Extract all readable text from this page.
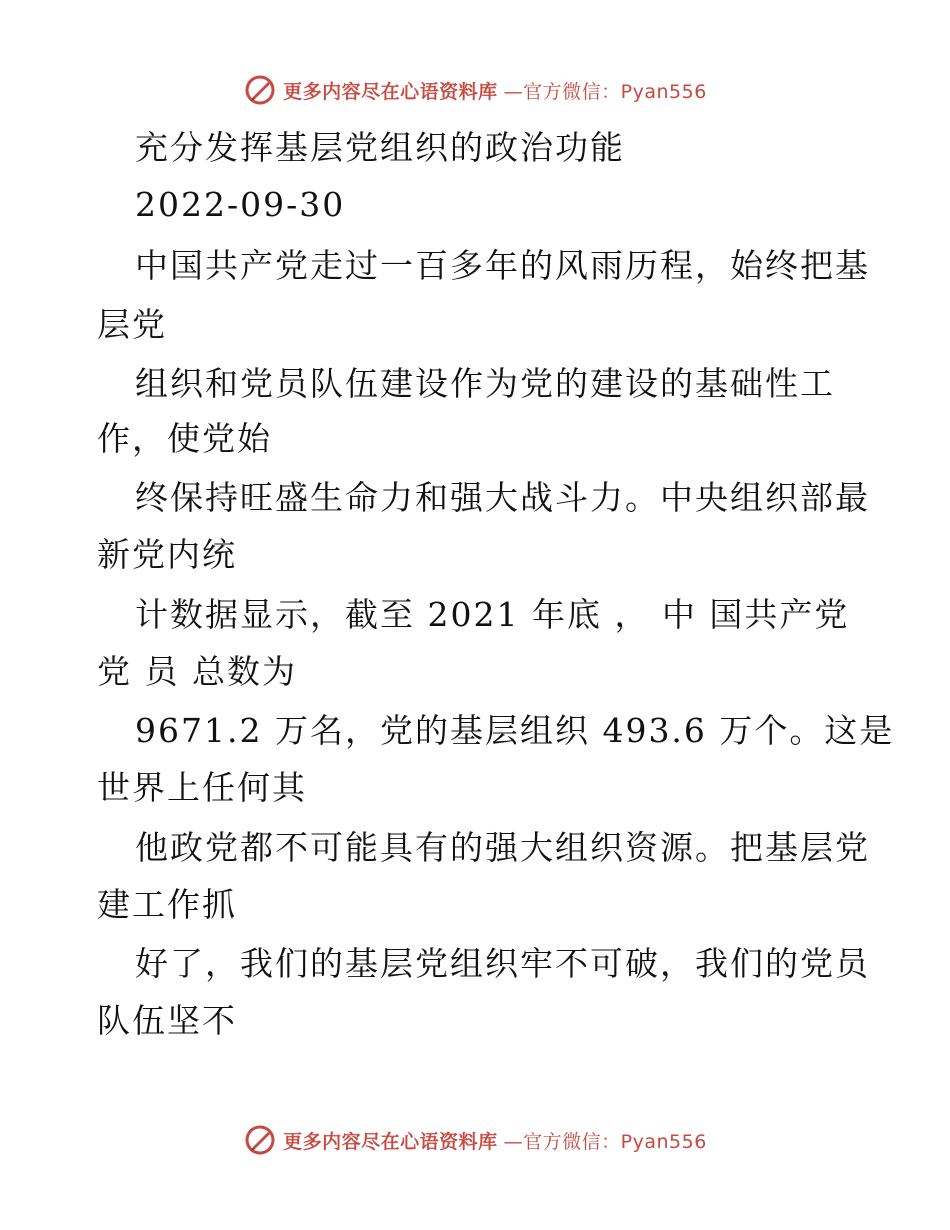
更多内容尽在心语资料库 —官方微信：Pyan556
充分发挥基层党组织的政治功能
2022-09-30
中国共产党走过一百多年的风雨历程，始终把基
层党
组织和党员队伍建设作为党的建设的基础性工
作，使党始
终保持旺盛生命力和强大战斗力。中央组织部最
新党内统
计数据显示，截至 2021 年底 ， 中 国共产党
党 员 总数为
9671.2 万名，党的基层组织 493.6 万个。这是
世界上任何其
他政党都不可能具有的强大组织资源。把基层党
建工作抓
好了，我们的基层党组织牢不可破，我们的党员
队伍坚不
更多内容尽在心语资料库 —官方微信：Pyan556
